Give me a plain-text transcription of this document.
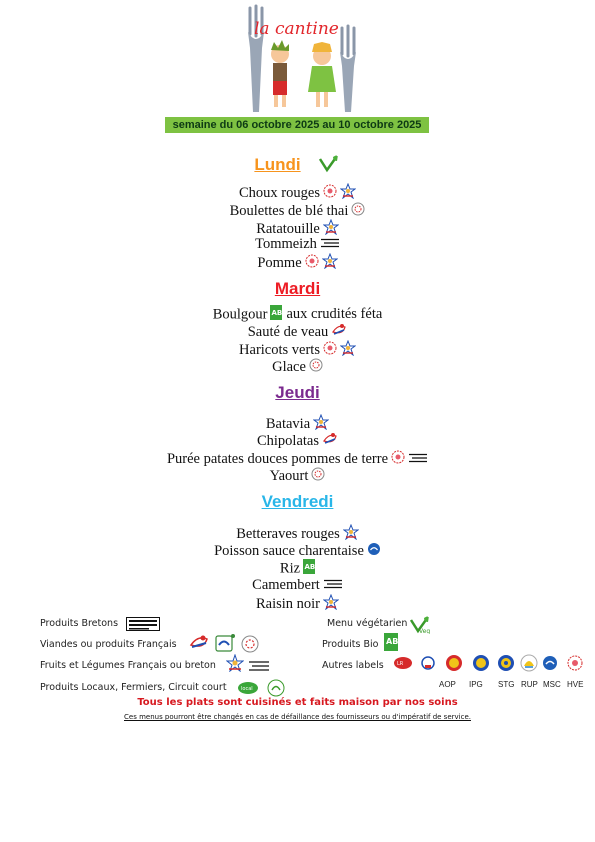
la cantine
semaine du 06 octobre 2025 au 10 octobre 2025
Lundi
Choux rouges
Boulettes de blé thai
Ratatouille
Tommeizh
Pomme
Mardi
Boulgour AB aux crudités féta
Sauté de veau
Haricots verts
Glace
Jeudi
Batavia
Chipolatas
Purée patates douces pommes de terre
Yaourt
Vendredi
Betteraves rouges
Poisson sauce charentaise
Riz AB
Camembert
Raisin noir
Produits Bretons	Menu végétarien
Veg
Viandes ou produits Français	Produits Bio AB
Fruits et Légumes Français ou breton	Autres labels	LR
AOP IPG STG RUP MSC HVE
Produits Locaux, Fermiers, Circuit court	local
Tous les plats sont cuisinés et faits maison par nos soins
Ces menus pourront être changés en cas de défaillance des fournisseurs ou d'impératif de service.
